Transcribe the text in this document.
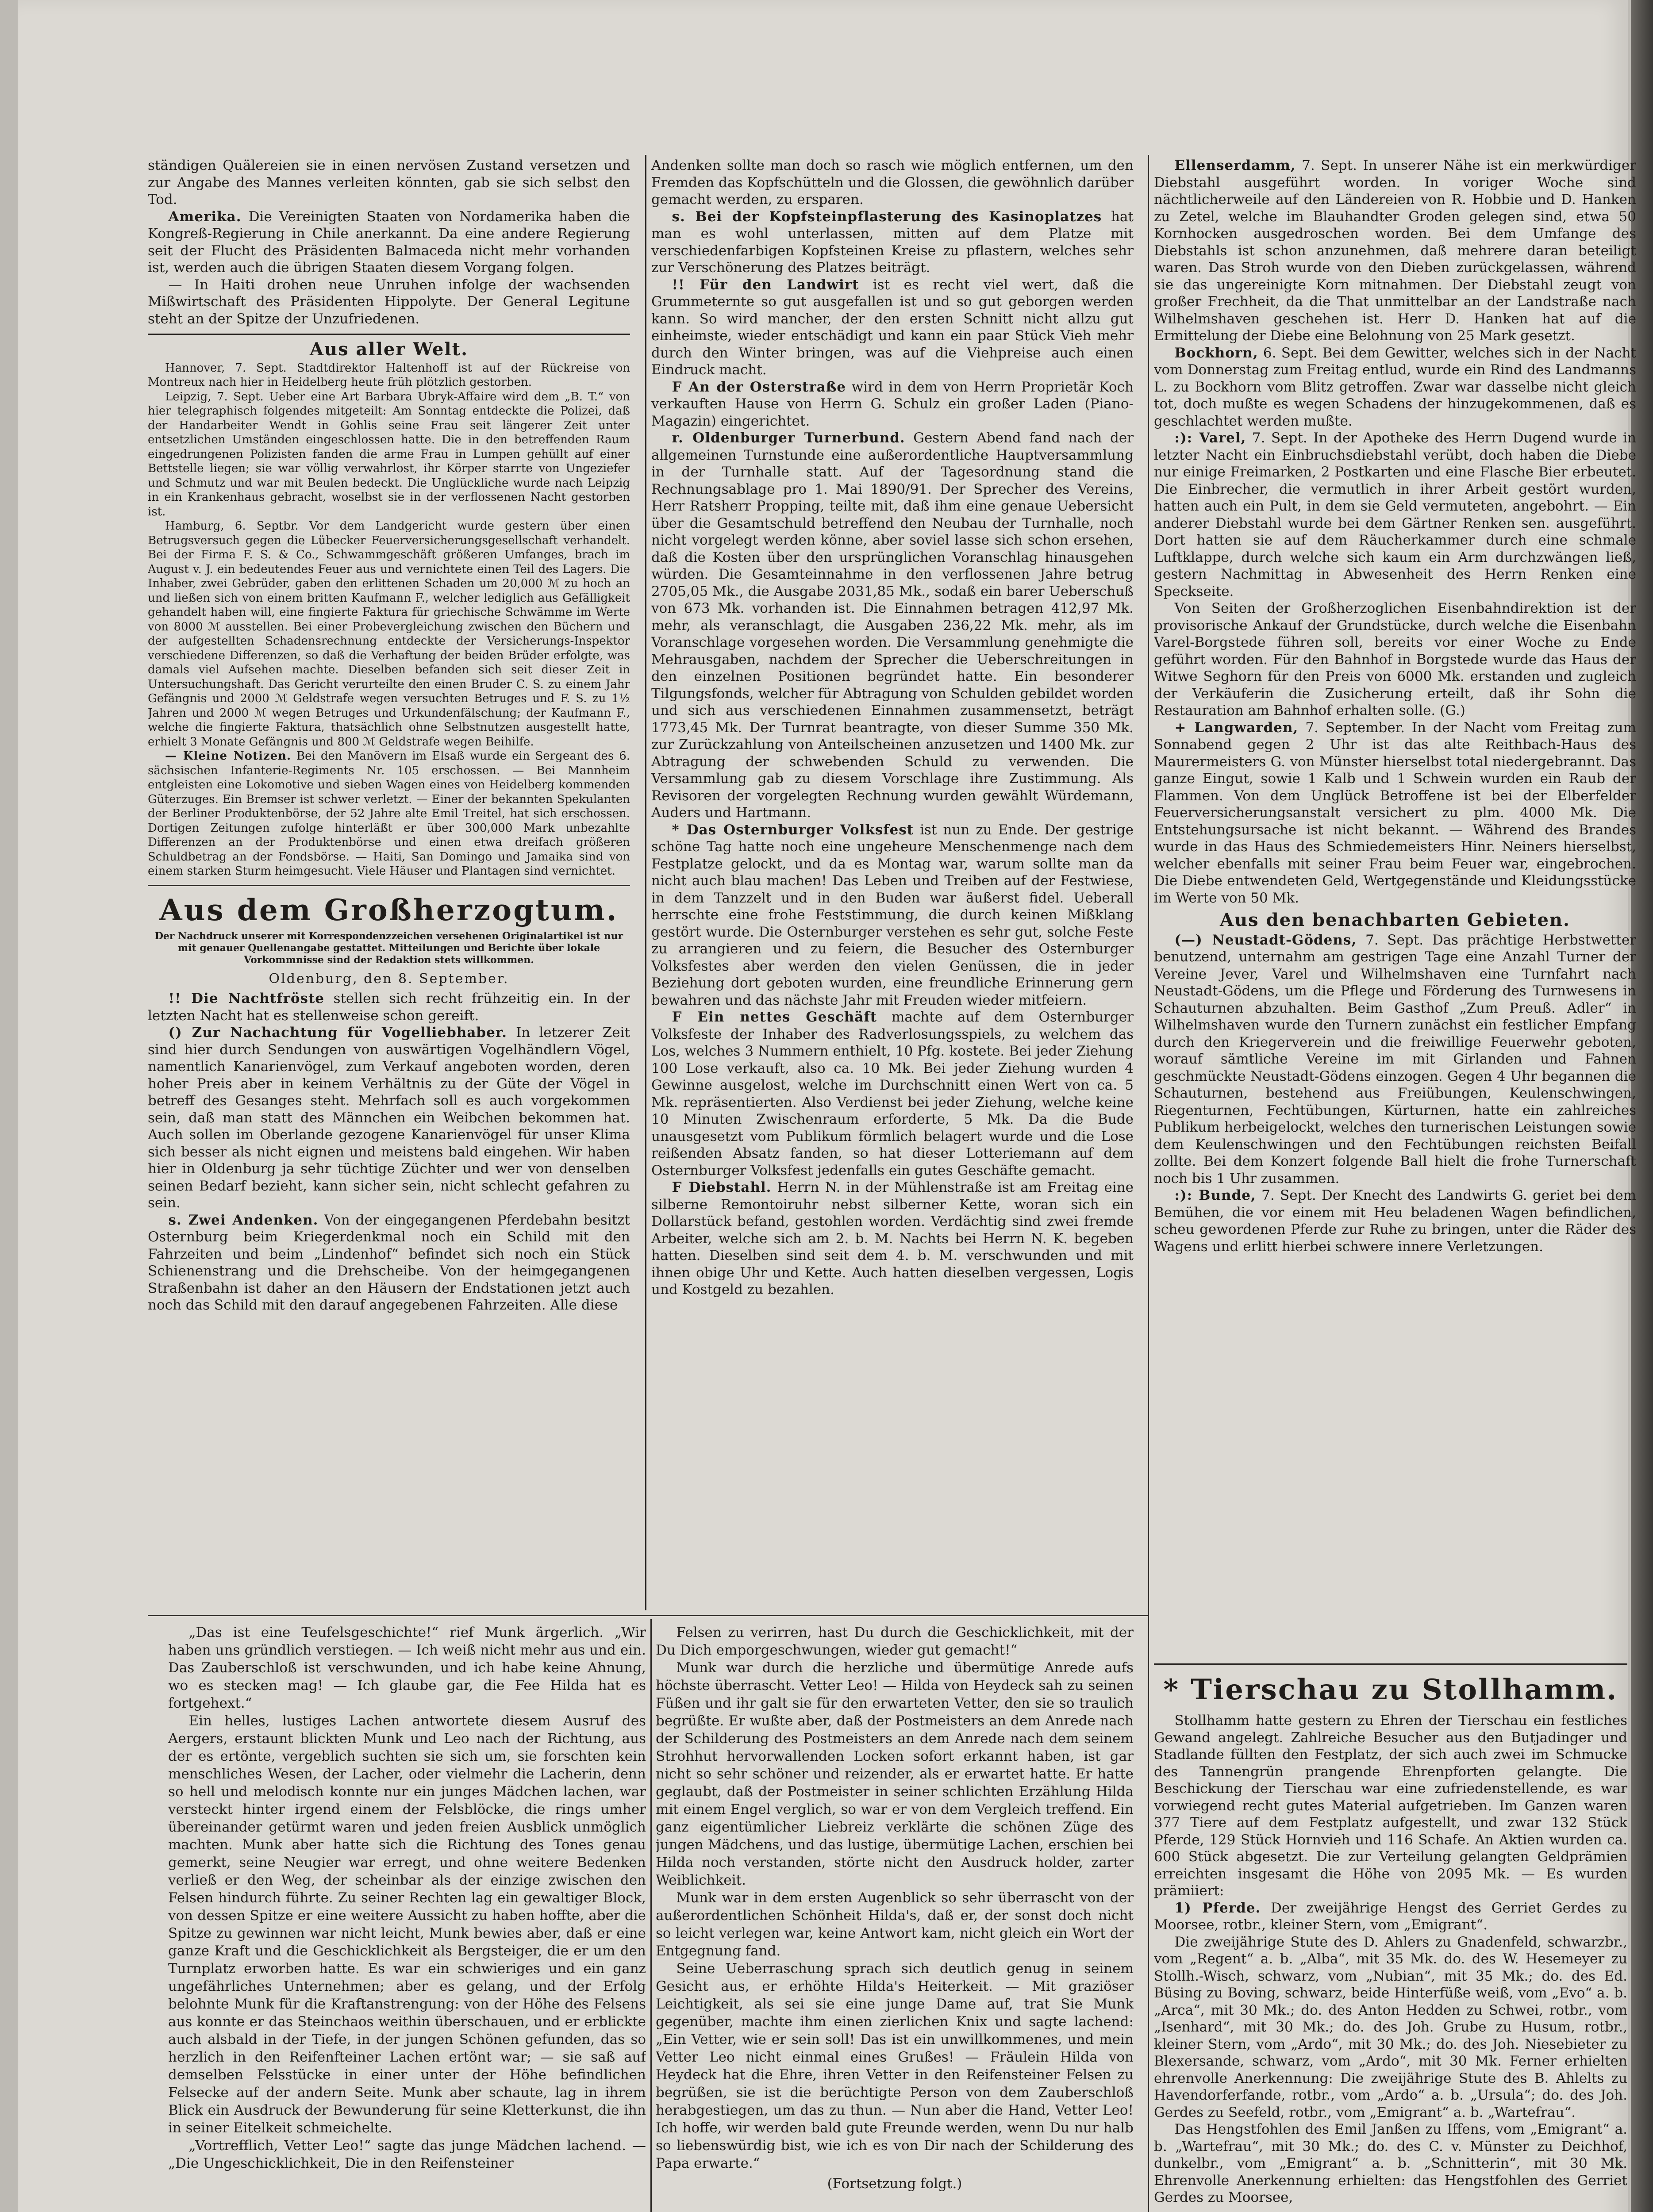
ständigen Quälereien sie in einen nervösen Zustand versetzen und zur Angabe des Mannes verleiten könnten, gab sie sich selbst den Tod.

Amerika. Die Vereinigten Staaten von Nordamerika haben die Kongreß-Regierung in Chile anerkannt. Da eine andere Regierung seit der Flucht des Präsidenten Balmaceda nicht mehr vorhanden ist, werden auch die übrigen Staaten diesem Vorgang folgen.

— In Haiti drohen neue Unruhen infolge der wachsenden Mißwirtschaft des Präsidenten Hippolyte. Der General Legitune steht an der Spitze der Unzufriedenen.

Aus aller Welt.

Hannover, 7. Sept. Stadtdirektor Haltenhoff ist auf der Rückreise von Montreux nach hier in Heidelberg heute früh plötzlich gestorben.

Leipzig, 7. Sept. Ueber eine Art Barbara Ubryk-Affaire wird dem „B. T.“ von hier telegraphisch folgendes mitgeteilt: Am Sonntag entdeckte die Polizei, daß der Handarbeiter Wendt in Gohlis seine Frau seit längerer Zeit unter entsetzlichen Umständen eingeschlossen hatte. Die in den betreffenden Raum eingedrungenen Polizisten fanden die arme Frau in Lumpen gehüllt auf einer Bettstelle liegen; sie war völlig verwahrlost, ihr Körper starrte von Ungeziefer und Schmutz und war mit Beulen bedeckt. Die Unglückliche wurde nach Leipzig in ein Krankenhaus gebracht, woselbst sie in der verflossenen Nacht gestorben ist.

Hamburg, 6. Septbr. Vor dem Landgericht wurde gestern über einen Betrugsversuch gegen die Lübecker Feuerversicherungsgesellschaft verhandelt. Bei der Firma F. S. & Co., Schwammgeschäft größeren Umfanges, brach im August v. J. ein bedeutendes Feuer aus und vernichtete einen Teil des Lagers. Die Inhaber, zwei Gebrüder, gaben den erlittenen Schaden um 20,000 ℳ zu hoch an und ließen sich von einem britten Kaufmann F., welcher lediglich aus Gefälligkeit gehandelt haben will, eine fingierte Faktura für griechische Schwämme im Werte von 8000 ℳ ausstellen. Bei einer Probevergleichung zwischen den Büchern und der aufgestellten Schadensrechnung entdeckte der Versicherungs-Inspektor verschiedene Differenzen, so daß die Verhaftung der beiden Brüder erfolgte, was damals viel Aufsehen machte. Dieselben befanden sich seit dieser Zeit in Untersuchungshaft. Das Gericht verurteilte den einen Bruder C. S. zu einem Jahr Gefängnis und 2000 ℳ Geldstrafe wegen versuchten Betruges und F. S. zu 1½ Jahren und 2000 ℳ wegen Betruges und Urkundenfälschung; der Kaufmann F., welche die fingierte Faktura, thatsächlich ohne Selbstnutzen ausgestellt hatte, erhielt 3 Monate Gefängnis und 800 ℳ Geldstrafe wegen Beihilfe.

— Kleine Notizen. Bei den Manövern im Elsaß wurde ein Sergeant des 6. sächsischen Infanterie-Regiments Nr. 105 erschossen. — Bei Mannheim entgleisten eine Lokomotive und sieben Wagen eines von Heidelberg kommenden Güterzuges. Ein Bremser ist schwer verletzt. — Einer der bekannten Spekulanten der Berliner Produktenbörse, der 52 Jahre alte Emil Treitel, hat sich erschossen. Dortigen Zeitungen zufolge hinterläßt er über 300,000 Mark unbezahlte Differenzen an der Produktenbörse und einen etwa dreifach größeren Schuldbetrag an der Fondsbörse. — Haiti, San Domingo und Jamaika sind von einem starken Sturm heimgesucht. Viele Häuser und Plantagen sind vernichtet.

Aus dem Großherzogtum.
Der Nachdruck unserer mit Korrespondenzzeichen versehenen Originalartikel ist nur mit genauer Quellenangabe gestattet. Mitteilungen und Berichte über lokale Vorkommnisse sind der Redaktion stets willkommen.
Oldenburg, den 8. September.

!! Die Nachtfröste stellen sich recht frühzeitig ein. In der letzten Nacht hat es stellenweise schon gereift.

() Zur Nachachtung für Vogelliebhaber. In letzerer Zeit sind hier durch Sendungen von auswärtigen Vogelhändlern Vögel, namentlich Kanarienvögel, zum Verkauf angeboten worden, deren hoher Preis aber in keinem Verhältnis zu der Güte der Vögel in betreff des Gesanges steht. Mehrfach soll es auch vorgekommen sein, daß man statt des Männchen ein Weibchen bekommen hat. Auch sollen im Oberlande gezogene Kanarienvögel für unser Klima sich besser als nicht eignen und meistens bald eingehen. Wir haben hier in Oldenburg ja sehr tüchtige Züchter und wer von denselben seinen Bedarf bezieht, kann sicher sein, nicht schlecht gefahren zu sein.

s. Zwei Andenken. Von der eingegangenen Pferdebahn besitzt Osternburg beim Kriegerdenkmal noch ein Schild mit den Fahrzeiten und beim „Lindenhof“ befindet sich noch ein Stück Schienenstrang und die Drehscheibe. Von der heimgegangenen Straßenbahn ist daher an den Häusern der Endstationen jetzt auch noch das Schild mit den darauf angegebenen Fahrzeiten. Alle diese

Andenken sollte man doch so rasch wie möglich entfernen, um den Fremden das Kopfschütteln und die Glossen, die gewöhnlich darüber gemacht werden, zu ersparen.

s. Bei der Kopfsteinpflasterung des Kasinoplatzes hat man es wohl unterlassen, mitten auf dem Platze mit verschiedenfarbigen Kopfsteinen Kreise zu pflastern, welches sehr zur Verschönerung des Platzes beiträgt.

!! Für den Landwirt ist es recht viel wert, daß die Grummeternte so gut ausgefallen ist und so gut geborgen werden kann. So wird mancher, der den ersten Schnitt nicht allzu gut einheimste, wieder entschädigt und kann ein paar Stück Vieh mehr durch den Winter bringen, was auf die Viehpreise auch einen Eindruck macht.

F An der Osterstraße wird in dem von Herrn Proprietär Koch verkauften Hause von Herrn G. Schulz ein großer Laden (Piano-Magazin) eingerichtet.

r. Oldenburger Turnerbund. Gestern Abend fand nach der allgemeinen Turnstunde eine außerordentliche Hauptversammlung in der Turnhalle statt. Auf der Tagesordnung stand die Rechnungsablage pro 1. Mai 1890/91. Der Sprecher des Vereins, Herr Ratsherr Propping, teilte mit, daß ihm eine genaue Uebersicht über die Gesamtschuld betreffend den Neubau der Turnhalle, noch nicht vorgelegt werden könne, aber soviel lasse sich schon ersehen, daß die Kosten über den ursprünglichen Voranschlag hinausgehen würden. Die Gesamteinnahme in den verflossenen Jahre betrug 2705,05 Mk., die Ausgabe 2031,85 Mk., sodaß ein barer Ueberschuß von 673 Mk. vorhanden ist. Die Einnahmen betragen 412,97 Mk. mehr, als veranschlagt, die Ausgaben 236,22 Mk. mehr, als im Voranschlage vorgesehen worden. Die Versammlung genehmigte die Mehrausgaben, nachdem der Sprecher die Ueberschreitungen in den einzelnen Positionen begründet hatte. Ein besonderer Tilgungsfonds, welcher für Abtragung von Schulden gebildet worden und sich aus verschiedenen Einnahmen zusammensetzt, beträgt 1773,45 Mk. Der Turnrat beantragte, von dieser Summe 350 Mk. zur Zurückzahlung von Anteilscheinen anzusetzen und 1400 Mk. zur Abtragung der schwebenden Schuld zu verwenden. Die Versammlung gab zu diesem Vorschlage ihre Zustimmung. Als Revisoren der vorgelegten Rechnung wurden gewählt Würdemann, Auders und Hartmann.

* Das Osternburger Volksfest ist nun zu Ende. Der gestrige schöne Tag hatte noch eine ungeheure Menschenmenge nach dem Festplatze gelockt, und da es Montag war, warum sollte man da nicht auch blau machen! Das Leben und Treiben auf der Festwiese, in dem Tanzzelt und in den Buden war äußerst fidel. Ueberall herrschte eine frohe Feststimmung, die durch keinen Mißklang gestört wurde. Die Osternburger verstehen es sehr gut, solche Feste zu arrangieren und zu feiern, die Besucher des Osternburger Volksfestes aber werden den vielen Genüssen, die in jeder Beziehung dort geboten wurden, eine freundliche Erinnerung gern bewahren und das nächste Jahr mit Freuden wieder mitfeiern.

F Ein nettes Geschäft machte auf dem Osternburger Volksfeste der Inhaber des Radverlosungsspiels, zu welchem das Los, welches 3 Nummern enthielt, 10 Pfg. kostete. Bei jeder Ziehung 100 Lose verkauft, also ca. 10 Mk. Bei jeder Ziehung wurden 4 Gewinne ausgelost, welche im Durchschnitt einen Wert von ca. 5 Mk. repräsentierten. Also Verdienst bei jeder Ziehung, welche keine 10 Minuten Zwischenraum erforderte, 5 Mk. Da die Bude unausgesetzt vom Publikum förmlich belagert wurde und die Lose reißenden Absatz fanden, so hat dieser Lotteriemann auf dem Osternburger Volksfest jedenfalls ein gutes Geschäfte gemacht.

F Diebstahl. Herrn N. in der Mühlenstraße ist am Freitag eine silberne Remontoiruhr nebst silberner Kette, woran sich ein Dollarstück befand, gestohlen worden. Verdächtig sind zwei fremde Arbeiter, welche sich am 2. b. M. Nachts bei Herrn N. K. begeben hatten. Dieselben sind seit dem 4. b. M. verschwunden und mit ihnen obige Uhr und Kette. Auch hatten dieselben vergessen, Logis und Kostgeld zu bezahlen.

Ellenserdamm, 7. Sept. In unserer Nähe ist ein merkwürdiger Diebstahl ausgeführt worden. In voriger Woche sind nächtlicherweile auf den Ländereien von R. Hobbie und D. Hanken zu Zetel, welche im Blauhandter Groden gelegen sind, etwa 50 Kornhocken ausgedroschen worden. Bei dem Umfange des Diebstahls ist schon anzunehmen, daß mehrere daran beteiligt waren. Das Stroh wurde von den Dieben zurückgelassen, während sie das ungereinigte Korn mitnahmen. Der Diebstahl zeugt von großer Frechheit, da die That unmittelbar an der Landstraße nach Wilhelmshaven geschehen ist. Herr D. Hanken hat auf die Ermittelung der Diebe eine Belohnung von 25 Mark gesetzt.

Bockhorn, 6. Sept. Bei dem Gewitter, welches sich in der Nacht vom Donnerstag zum Freitag entlud, wurde ein Rind des Landmanns L. zu Bockhorn vom Blitz getroffen. Zwar war dasselbe nicht gleich tot, doch mußte es wegen Schadens der hinzugekommenen, daß es geschlachtet werden mußte.

:): Varel, 7. Sept. In der Apotheke des Herrn Dugend wurde in letzter Nacht ein Einbruchsdiebstahl verübt, doch haben die Diebe nur einige Freimarken, 2 Postkarten und eine Flasche Bier erbeutet. Die Einbrecher, die vermutlich in ihrer Arbeit gestört wurden, hatten auch ein Pult, in dem sie Geld vermuteten, angebohrt. — Ein anderer Diebstahl wurde bei dem Gärtner Renken sen. ausgeführt. Dort hatten sie auf dem Räucherkammer durch eine schmale Luftklappe, durch welche sich kaum ein Arm durchzwängen ließ, gestern Nachmittag in Abwesenheit des Herrn Renken eine Speckseite.

Von Seiten der Großherzoglichen Eisenbahndirektion ist der provisorische Ankauf der Grundstücke, durch welche die Eisenbahn Varel-Borgstede führen soll, bereits vor einer Woche zu Ende geführt worden. Für den Bahnhof in Borgstede wurde das Haus der Witwe Seghorn für den Preis von 6000 Mk. erstanden und zugleich der Verkäuferin die Zusicherung erteilt, daß ihr Sohn die Restauration am Bahnhof erhalten solle. (G.)

+ Langwarden, 7. September. In der Nacht vom Freitag zum Sonnabend gegen 2 Uhr ist das alte Reithbach-Haus des Maurermeisters G. von Münster hierselbst total niedergebrannt. Das ganze Eingut, sowie 1 Kalb und 1 Schwein wurden ein Raub der Flammen. Von dem Unglück Betroffene ist bei der Elberfelder Feuerversicherungsanstalt versichert zu plm. 4000 Mk. Die Entstehungsursache ist nicht bekannt. — Während des Brandes wurde in das Haus des Schmiedemeisters Hinr. Neiners hierselbst, welcher ebenfalls mit seiner Frau beim Feuer war, eingebrochen. Die Diebe entwendeten Geld, Wertgegenstände und Kleidungsstücke im Werte von 50 Mk.

Aus den benachbarten Gebieten.

(—) Neustadt-Gödens, 7. Sept. Das prächtige Herbstwetter benutzend, unternahm am gestrigen Tage eine Anzahl Turner der Vereine Jever, Varel und Wilhelmshaven eine Turnfahrt nach Neustadt-Gödens, um die Pflege und Förderung des Turnwesens in Schauturnen abzuhalten. Beim Gasthof „Zum Preuß. Adler“ in Wilhelmshaven wurde den Turnern zunächst ein festlicher Empfang durch den Kriegerverein und die freiwillige Feuerwehr geboten, worauf sämtliche Vereine im mit Girlanden und Fahnen geschmückte Neustadt-Gödens einzogen. Gegen 4 Uhr begannen die Schauturnen, bestehend aus Freiübungen, Keulenschwingen, Riegenturnen, Fechtübungen, Kürturnen, hatte ein zahlreiches Publikum herbeigelockt, welches den turnerischen Leistungen sowie dem Keulenschwingen und den Fechtübungen reichsten Beifall zollte. Bei dem Konzert folgende Ball hielt die frohe Turnerschaft noch bis 1 Uhr zusammen.

:): Bunde, 7. Sept. Der Knecht des Landwirts G. geriet bei dem Bemühen, die vor einem mit Heu beladenen Wagen befindlichen, scheu gewordenen Pferde zur Ruhe zu bringen, unter die Räder des Wagens und erlitt hierbei schwere innere Verletzungen.

„Das ist eine Teufelsgeschichte!“ rief Munk ärgerlich. „Wir haben uns gründlich verstiegen. — Ich weiß nicht mehr aus und ein. Das Zauberschloß ist verschwunden, und ich habe keine Ahnung, wo es stecken mag! — Ich glaube gar, die Fee Hilda hat es fortgehext.“

Ein helles, lustiges Lachen antwortete diesem Ausruf des Aergers, erstaunt blickten Munk und Leo nach der Richtung, aus der es ertönte, vergeblich suchten sie sich um, sie forschten kein menschliches Wesen, der Lacher, oder vielmehr die Lacherin, denn so hell und melodisch konnte nur ein junges Mädchen lachen, war versteckt hinter irgend einem der Felsblöcke, die rings umher übereinander getürmt waren und jeden freien Ausblick unmöglich machten. Munk aber hatte sich die Richtung des Tones genau gemerkt, seine Neugier war erregt, und ohne weitere Bedenken verließ er den Weg, der scheinbar als der einzige zwischen den Felsen hindurch führte. Zu seiner Rechten lag ein gewaltiger Block, von dessen Spitze er eine weitere Aussicht zu haben hoffte, aber die Spitze zu gewinnen war nicht leicht, Munk bewies aber, daß er eine ganze Kraft und die Geschicklichkeit als Bergsteiger, die er um den Turnplatz erworben hatte. Es war ein schwieriges und ein ganz ungefährliches Unternehmen; aber es gelang, und der Erfolg belohnte Munk für die Kraftanstrengung: von der Höhe des Felsens aus konnte er das Steinchaos weithin überschauen, und er erblickte auch alsbald in der Tiefe, in der jungen Schönen gefunden, das so herzlich in den Reifenfteiner Lachen ertönt war; — sie saß auf demselben Felsstücke in einer unter der Höhe befindlichen Felsecke auf der andern Seite. Munk aber schaute, lag in ihrem Blick ein Ausdruck der Bewunderung für seine Kletterkunst, die ihn in seiner Eitelkeit schmeichelte.

„Vortrefflich, Vetter Leo!“ sagte das junge Mädchen lachend. — „Die Ungeschicklichkeit, Die in den Reifensteiner

Felsen zu verirren, hast Du durch die Geschicklichkeit, mit der Du Dich emporgeschwungen, wieder gut gemacht!“

Munk war durch die herzliche und übermütige Anrede aufs höchste überrascht. Vetter Leo! — Hilda von Heydeck sah zu seinen Füßen und ihr galt sie für den erwarteten Vetter, den sie so traulich begrüßte. Er wußte aber, daß der Postmeisters an dem Anrede nach der Schilderung des Postmeisters an dem Anrede nach dem seinem Strohhut hervorwallenden Locken sofort erkannt haben, ist gar nicht so sehr schöner und reizender, als er erwartet hatte. Er hatte geglaubt, daß der Postmeister in seiner schlichten Erzählung Hilda mit einem Engel verglich, so war er von dem Vergleich treffend. Ein ganz eigentümlicher Liebreiz verklärte die schönen Züge des jungen Mädchens, und das lustige, übermütige Lachen, erschien bei Hilda noch verstanden, störte nicht den Ausdruck holder, zarter Weiblichkeit.

Munk war in dem ersten Augenblick so sehr überrascht von der außerordentlichen Schönheit Hilda's, daß er, der sonst doch nicht so leicht verlegen war, keine Antwort kam, nicht gleich ein Wort der Entgegnung fand.

Seine Ueberraschung sprach sich deutlich genug in seinem Gesicht aus, er erhöhte Hilda's Heiterkeit. — Mit graziöser Leichtigkeit, als sei sie eine junge Dame auf, trat Sie Munk gegenüber, machte ihm einen zierlichen Knix und sagte lachend: „Ein Vetter, wie er sein soll! Das ist ein unwillkommenes, und mein Vetter Leo nicht einmal eines Grußes! — Fräulein Hilda von Heydeck hat die Ehre, ihren Vetter in den Reifensteiner Felsen zu begrüßen, sie ist die berüchtigte Person von dem Zauberschloß herabgestiegen, um das zu thun. — Nun aber die Hand, Vetter Leo! Ich hoffe, wir werden bald gute Freunde werden, wenn Du nur halb so liebenswürdig bist, wie ich es von Dir nach der Schilderung des Papa erwarte.“

(Fortsetzung folgt.)
* Tierschau zu Stollhamm.

Stollhamm hatte gestern zu Ehren der Tierschau ein festliches Gewand angelegt. Zahlreiche Besucher aus den Butjadinger und Stadlande füllten den Festplatz, der sich auch zwei im Schmucke des Tannengrün prangende Ehrenpforten gelangte. Die Beschickung der Tierschau war eine zufriedenstellende, es war vorwiegend recht gutes Material aufgetrieben. Im Ganzen waren 377 Tiere auf dem Festplatz aufgestellt, und zwar 132 Stück Pferde, 129 Stück Hornvieh und 116 Schafe. An Aktien wurden ca. 600 Stück abgesetzt. Die zur Verteilung gelangten Geldprämien erreichten insgesamt die Höhe von 2095 Mk. — Es wurden prämiiert:

1) Pferde. Der zweijährige Hengst des Gerriet Gerdes zu Moorsee, rotbr., kleiner Stern, vom „Emigrant“.

Die zweijährige Stute des D. Ahlers zu Gnadenfeld, schwarzbr., vom „Regent“ a. b. „Alba“, mit 35 Mk. do. des W. Hesemeyer zu Stollh.-Wisch, schwarz, vom „Nubian“, mit 35 Mk.; do. des Ed. Büsing zu Boving, schwarz, beide Hinterfüße weiß, vom „Evo“ a. b. „Arca“, mit 30 Mk.; do. des Anton Hedden zu Schwei, rotbr., vom „Isenhard“, mit 30 Mk.; do. des Joh. Grube zu Husum, rotbr., kleiner Stern, vom „Ardo“, mit 30 Mk.; do. des Joh. Niesebieter zu Blexersande, schwarz, vom „Ardo“, mit 30 Mk. Ferner erhielten ehrenvolle Anerkennung: Die zweijährige Stute des B. Ahlelts zu Havendorferfande, rotbr., vom „Ardo“ a. b. „Ursula“; do. des Joh. Gerdes zu Seefeld, rotbr., vom „Emigrant“ a. b. „Wartefrau“.

Das Hengstfohlen des Emil Janßen zu Iffens, vom „Emigrant“ a. b. „Wartefrau“, mit 30 Mk.; do. des C. v. Münster zu Deichhof, dunkelbr., vom „Emigrant“ a. b. „Schnitterin“, mit 30 Mk. Ehrenvolle Anerkennung erhielten: das Hengstfohlen des Gerriet Gerdes zu Moorsee,
